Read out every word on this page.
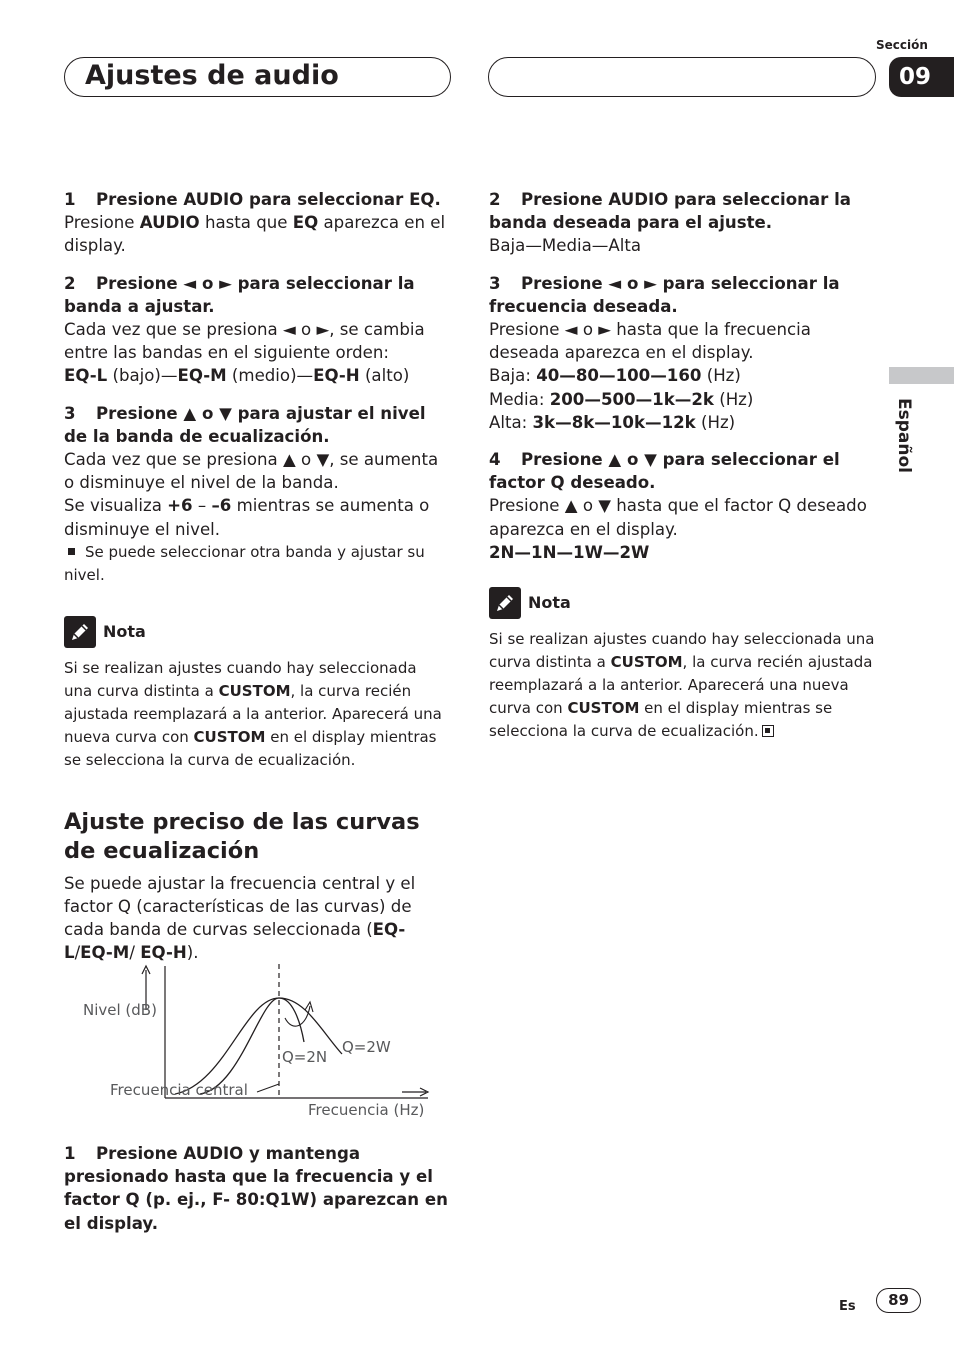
Ajustes de audio
Sección
09
Español

1 Presione AUDIO para seleccionar EQ.

Presione AUDIO hasta que EQ aparezca en el display.

2 Presione ◄ o ► para seleccionar la banda a ajustar.

Cada vez que se presiona ◄ o ►, se cambia entre las bandas en el siguiente orden:

EQ-L (bajo)—EQ-M (medio)—EQ-H (alto)

3 Presione ▲ o ▼ para ajustar el nivel de la banda de ecualización.

Cada vez que se presiona ▲ o ▼, se aumenta o disminuye el nivel de la banda.

Se visualiza +6 – –6 mientras se aumenta o disminuye el nivel.

Se puede seleccionar otra banda y ajustar su nivel.

Nota

Si se realizan ajustes cuando hay seleccionada una curva distinta a CUSTOM, la curva recién ajustada reemplazará a la anterior. Aparecerá una nueva curva con CUSTOM en el display mientras se selecciona la curva de ecualización.

Ajuste preciso de las curvas de ecualización

Se puede ajustar la frecuencia central y el factor Q (características de las curvas) de cada banda de curvas seleccionada (EQ-L/EQ-M/ EQ-H).

Nivel (dB)
Q=2N
Q=2W
Frecuencia central
Frecuencia (Hz)

1 Presione AUDIO y mantenga presionado hasta que la frecuencia y el factor Q (p. ej., F- 80:Q1W) aparezcan en el display.

2 Presione AUDIO para seleccionar la banda deseada para el ajuste.

Baja—Media—Alta

3 Presione ◄ o ► para seleccionar la frecuencia deseada.

Presione ◄ o ► hasta que la frecuencia deseada aparezca en el display.

Baja: 40—80—100—160 (Hz)

Media: 200—500—1k—2k (Hz)

Alta: 3k—8k—10k—12k (Hz)

4 Presione ▲ o ▼ para seleccionar el factor Q deseado.

Presione ▲ o ▼ hasta que el factor Q deseado aparezca en el display.

2N—1N—1W—2W

Nota

Si se realizan ajustes cuando hay seleccionada una curva distinta a CUSTOM, la curva recién ajustada reemplazará a la anterior. Aparecerá una nueva curva con CUSTOM en el display mientras se selecciona la curva de ecualización.

Es	89
